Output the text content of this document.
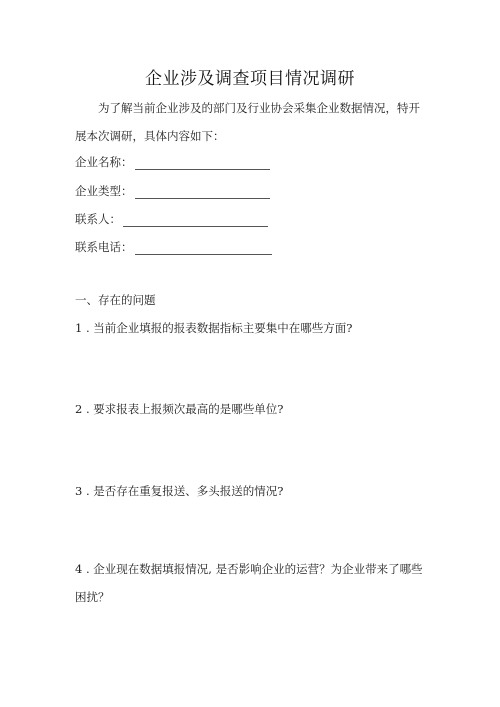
企业涉及调查项目情况调研
为了解当前企业涉及的部门及行业协会采集企业数据情况，特开
展本次调研，具体内容如下：
企业名称：
企业类型：
联系人：
联系电话：
一、存在的问题
1 . 当前企业填报的报表数据指标主要集中在哪些方面?
2 . 要求报表上报频次最高的是哪些单位?
3 . 是否存在重复报送、多头报送的情况?
4 . 企业现在数据填报情况, 是否影响企业的运营？为企业带来了哪些
困扰？
